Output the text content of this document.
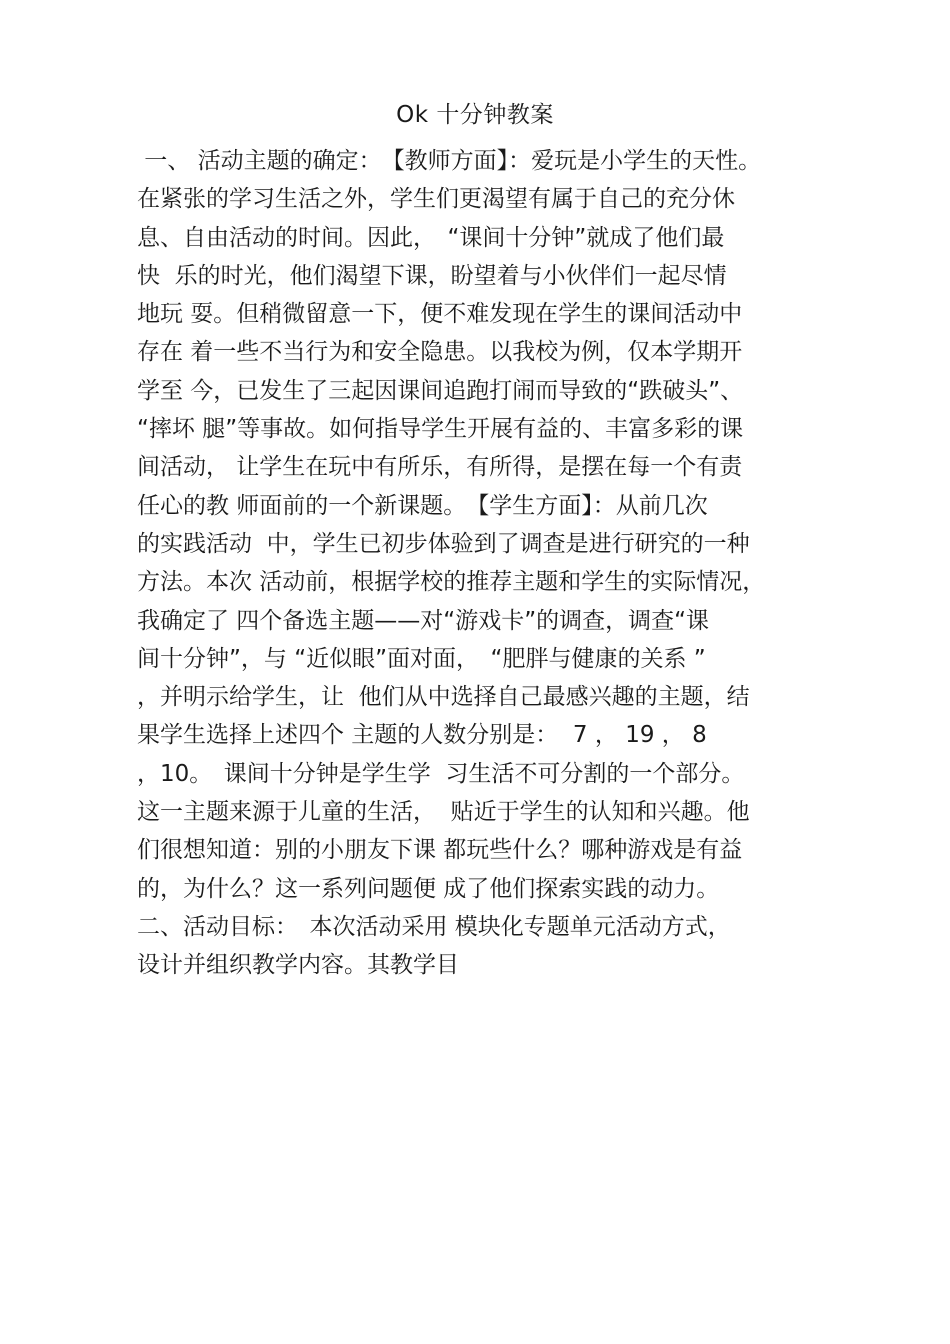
Ok 十分钟教案
一、 活动主题的确定：　【教师方面】：爱玩是小学生的天性。
在紧张的学习生活之外，学生们更渴望有属于自己的充分休
息、自由活动的时间。因此，　“课间十分钟”就成了他们最
快  乐的时光，他们渴望下课，盼望着与小伙伴们一起尽情
地玩 耍。但稍微留意一下，便不难发现在学生的课间活动中
存在 着一些不当行为和安全隐患。以我校为例，仅本学期开
学至 今，已发生了三起因课间追跑打闹而导致的“跌破头”、
“摔坏 腿”等事故。如何指导学生开展有益的、丰富多彩的课
间活动， 让学生在玩中有所乐，有所得，是摆在每一个有责
任心的教 师面前的一个新课题。　【学生方面】：从前几次
的实践活动  中，学生已初步体验到了调查是进行研究的一种
方法。本次 活动前，根据学校的推荐主题和学生的实际情况，
我确定了 四个备选主题——对“游戏卡”的调查，调查“课
间十分钟”，与 “近似眼”面对面，　“肥胖与健康的关系 ”
，并明示给学生，让  他们从中选择自己最感兴趣的主题，结
果学生选择上述四个 主题的人数分别是：  7 ， 19 ， 8
，10。　课间十分钟是学生学  习生活不可分割的一个部分。
这一主题来源于儿童的生活，  贴近于学生的认知和兴趣。他
们很想知道：别的小朋友下课 都玩些什么？哪种游戏是有益
的，为什么？这一系列问题便 成了他们探索实践的动力。
二、活动目标：　本次活动采用 模块化专题单元活动方式，
设计并组织教学内容。其教学目
